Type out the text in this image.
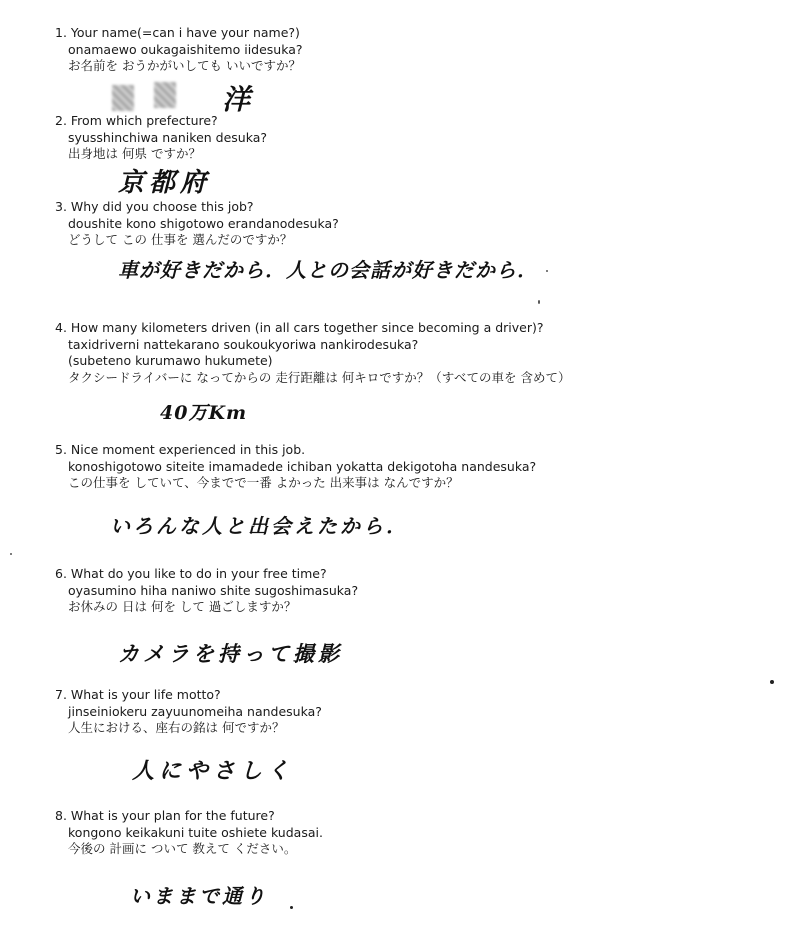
1. Your name(=can i have your name?)
onamaewo oukagaishitemo iidesuka?
お名前を おうかがいしても いいですか？
洋
2. From which prefecture?
syusshinchiwa naniken desuka?
出身地は 何県 ですか？
京都府
3. Why did you choose this job?
doushite kono shigotowo erandanodesuka?
どうして この 仕事を 選んだのですか？
車が好きだから．人との会話が好きだから．
4. How many kilometers driven (in all cars together since becoming a driver)?
taxidriverni nattekarano soukoukyoriwa nankirodesuka?
(subeteno kurumawo hukumete)
タクシードライバーに なってからの 走行距離は 何キロですか？（すべての車を 含めて）
40万Km
5. Nice moment experienced in this job.
konoshigotowo siteite imamadede ichiban yokatta dekigotoha nandesuka?
この仕事を していて、今までで一番 よかった 出来事は なんですか？
いろんな人と出会えたから．
6. What do you like to do in your free time?
oyasumino hiha naniwo shite sugoshimasuka?
お休みの 日は 何を して 過ごしますか？
カメラを持って撮影
7. What is your life motto?
jinseiniokeru zayuunomeiha nandesuka?
人生における、座右の銘は 何ですか？
人にやさしく
8. What is your plan for the future?
kongono keikakuni tuite oshiete kudasai.
今後の 計画に ついて 教えて ください。
いままで通り
